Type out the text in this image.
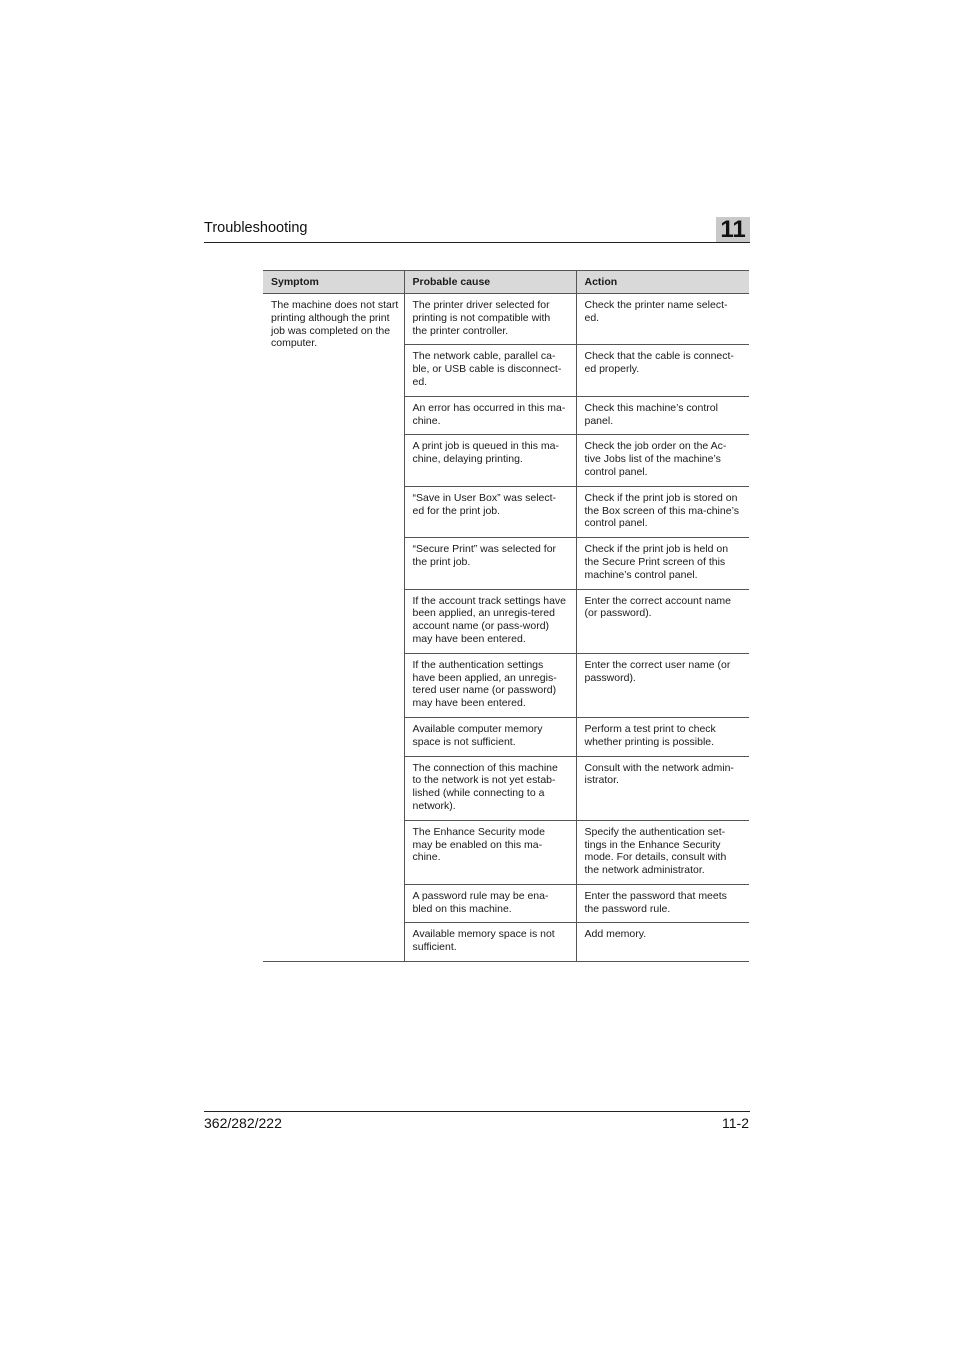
Troubleshooting	11
Symptom	Probable cause	Action
The machine does not start printing although the print job was completed on the computer.	The printer driver selected for printing is not compatible with the printer controller.	Check the printer name select-ed.
	The network cable, parallel ca-ble, or USB cable is disconnect-ed.	Check that the cable is connect-ed properly.
	An error has occurred in this ma-chine.	Check this machine’s control panel.
	A print job is queued in this ma-chine, delaying printing.	Check the job order on the Ac-tive Jobs list of the machine’s control panel.
	“Save in User Box” was select-ed for the print job.	Check if the print job is stored on the Box screen of this ma-chine’s control panel.
	“Secure Print” was selected for the print job.	Check if the print job is held on the Secure Print screen of this machine’s control panel.
	If the account track settings have been applied, an unregis-tered account name (or pass-word) may have been entered.	Enter the correct account name (or password).
	If the authentication settings have been applied, an unregis-tered user name (or password) may have been entered.	Enter the correct user name (or password).
	Available computer memory space is not sufficient.	Perform a test print to check whether printing is possible.
	The connection of this machine to the network is not yet estab-lished (while connecting to a network).	Consult with the network admin-istrator.
	The Enhance Security mode may be enabled on this ma-chine.	Specify the authentication set-tings in the Enhance Security mode. For details, consult with the network administrator.
	A password rule may be ena-bled on this machine.	Enter the password that meets the password rule.
	Available memory space is not sufficient.	Add memory.
362/282/222	11-2
